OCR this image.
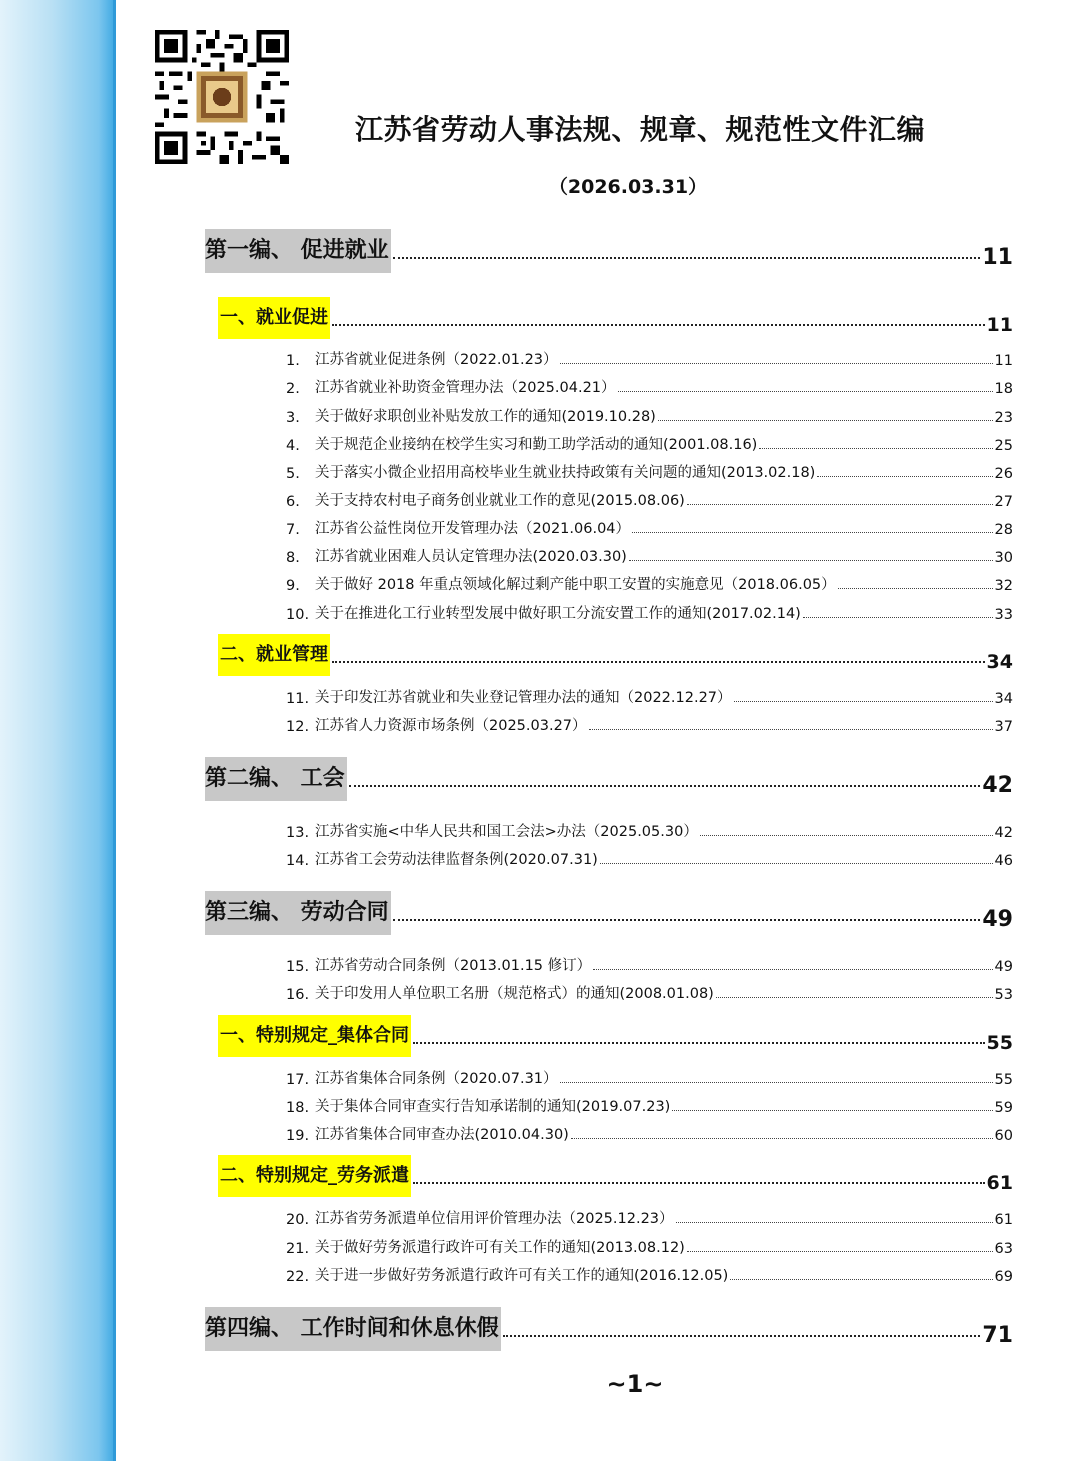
江苏省劳动人事法规、规章、规范性文件汇编
（2026.03.31）
第一编、 促进就业	11
一、就业促进	11
1.	江苏省就业促进条例（2022.01.23）	11
2.	江苏省就业补助资金管理办法（2025.04.21）	18
3.	关于做好求职创业补贴发放工作的通知(2019.10.28)	23
4.	关于规范企业接纳在校学生实习和勤工助学活动的通知(2001.08.16)	25
5.	关于落实小微企业招用高校毕业生就业扶持政策有关问题的通知(2013.02.18)	26
6.	关于支持农村电子商务创业就业工作的意见(2015.08.06)	27
7.	江苏省公益性岗位开发管理办法（2021.06.04）	28
8.	江苏省就业困难人员认定管理办法(2020.03.30)	30
9.	关于做好 2018 年重点领域化解过剩产能中职工安置的实施意见（2018.06.05）	32
10. 关于在推进化工行业转型发展中做好职工分流安置工作的通知(2017.02.14)	33
二、就业管理	34
11. 关于印发江苏省就业和失业登记管理办法的通知（2022.12.27）	34
12. 江苏省人力资源市场条例（2025.03.27）	37
第二编、 工会	42
13. 江苏省实施<中华人民共和国工会法>办法（2025.05.30）	42
14. 江苏省工会劳动法律监督条例(2020.07.31)	46
第三编、 劳动合同	49
15. 江苏省劳动合同条例（2013.01.15 修订）	49
16. 关于印发用人单位职工名册（规范格式）的通知(2008.01.08)	53
一、特别规定_集体合同	55
17. 江苏省集体合同条例（2020.07.31）	55
18. 关于集体合同审查实行告知承诺制的通知(2019.07.23)	59
19. 江苏省集体合同审查办法(2010.04.30)	60
二、特别规定_劳务派遣	61
20. 江苏省劳务派遣单位信用评价管理办法（2025.12.23）	61
21. 关于做好劳务派遣行政许可有关工作的通知(2013.08.12)	63
22. 关于进一步做好劳务派遣行政许可有关工作的通知(2016.12.05)	69
第四编、 工作时间和休息休假	71
~1~
